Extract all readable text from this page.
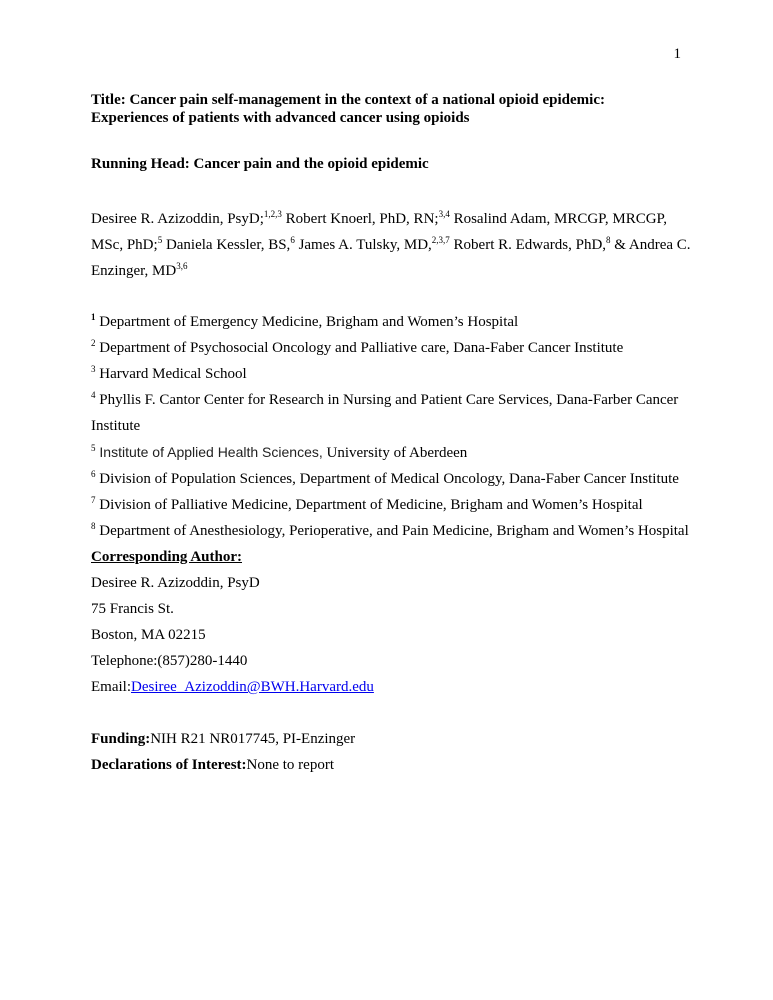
1

Title: Cancer pain self-management in the context of a national opioid epidemic:
Experiences of patients with advanced cancer using opioids

Running Head: Cancer pain and the opioid epidemic

Desiree R. Azizoddin, PsyD;$^{1,2,3}$ Robert Knoerl, PhD, RN;$^{3,4}$ Rosalind Adam, MRCGP, MRCGP, MSc, PhD;$^5$ Daniela Kessler, BS,$^6$ James A. Tulsky, MD,$^{2,3,7}$ Robert R. Edwards, PhD,$^8$ & Andrea C. Enzinger, MD$^{3,6}$

$^1$ Department of Emergency Medicine, Brigham and Women’s Hospital

$^2$ Department of Psychosocial Oncology and Palliative care, Dana-Faber Cancer Institute

$^3$ Harvard Medical School

$^4$ Phyllis F. Cantor Center for Research in Nursing and Patient Care Services, Dana-Farber Cancer Institute

$^5$ Institute of Applied Health Sciences, University of Aberdeen

$^6$ Division of Population Sciences, Department of Medical Oncology, Dana-Faber Cancer Institute

$^7$ Division of Palliative Medicine, Department of Medicine, Brigham and Women’s Hospital

$^8$ Department of Anesthesiology, Perioperative, and Pain Medicine, Brigham and Women’s Hospital

Corresponding Author:

Desiree R. Azizoddin, PsyD

75 Francis St.

Boston, MA 02215

Telephone:(857)280-1440

Email:Desiree_Azizoddin@BWH.Harvard.edu

Funding:NIH R21 NR017745, PI-Enzinger

Declarations of Interest:None to report
